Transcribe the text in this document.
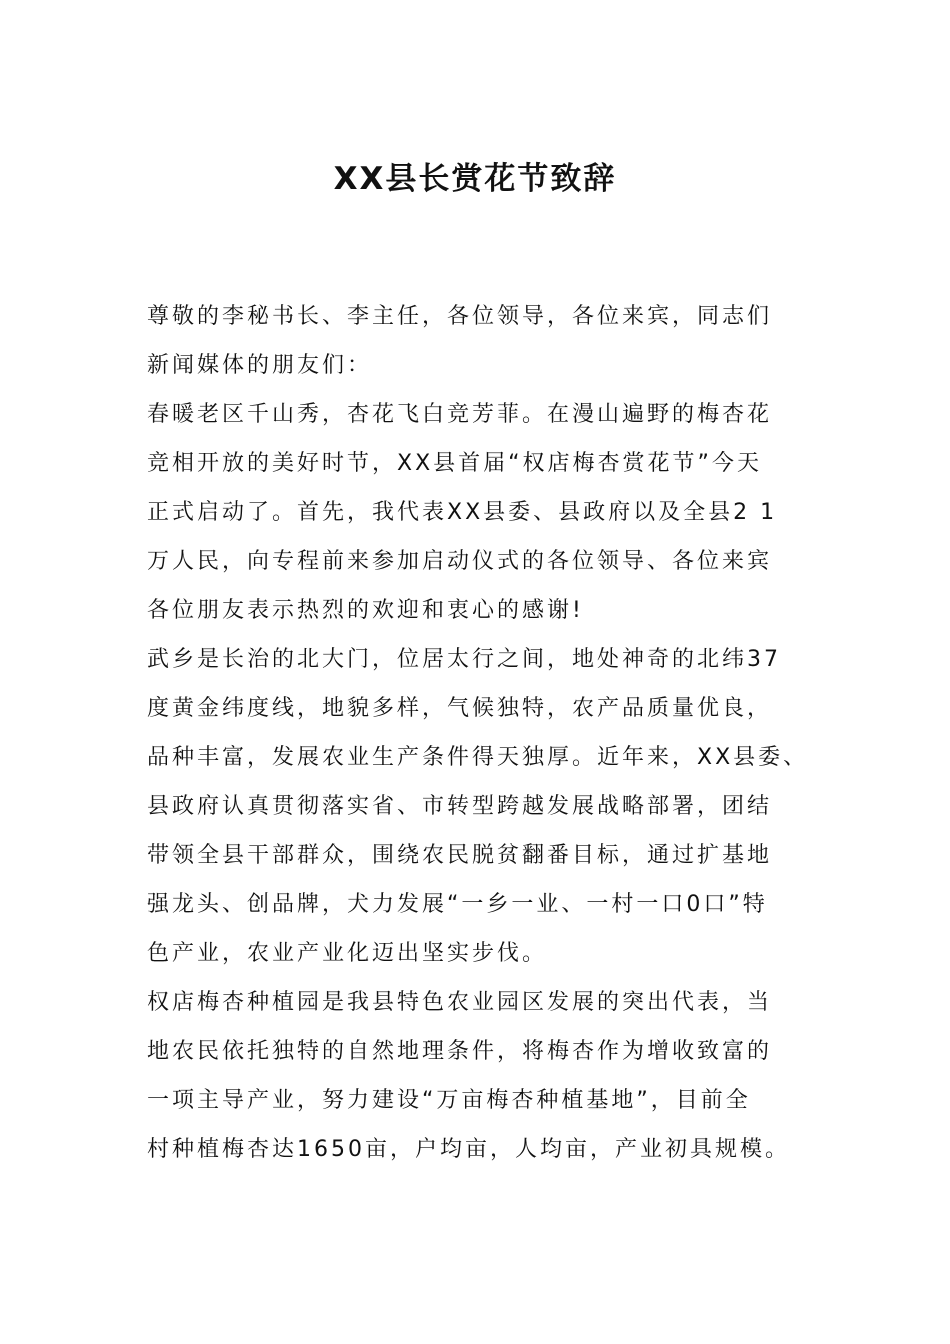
XX县长赏花节致辞
尊敬的李秘书长、李主任，各位领导，各位来宾，同志们
新闻媒体的朋友们：
春暖老区千山秀，杏花飞白竞芳菲。在漫山遍野的梅杏花
竞相开放的美好时节，XX县首届“权店梅杏赏花节”今天
正式启动了。首先，我代表XX县委、县政府以及全县2 1
万人民，向专程前来参加启动仪式的各位领导、各位来宾
各位朋友表示热烈的欢迎和衷心的感谢!
武乡是长治的北大门，位居太行之间，地处神奇的北纬37
度黄金纬度线，地貌多样，气候独特，农产品质量优良，
品种丰富，发展农业生产条件得天独厚。近年来，XX县委、
县政府认真贯彻落实省、市转型跨越发展战略部署，团结
带领全县干部群众，围绕农民脱贫翻番目标，通过扩基地
强龙头、创品牌，犬力发展“一乡一业、一村一口0口”特
色产业，农业产业化迈出坚实步伐。
权店梅杏种植园是我县特色农业园区发展的突出代表，当
地农民依托独特的自然地理条件，将梅杏作为增收致富的
一项主导产业，努力建设“万亩梅杏种植基地”，目前全
村种植梅杏达1650亩，户均亩，人均亩，产业初具规模。
